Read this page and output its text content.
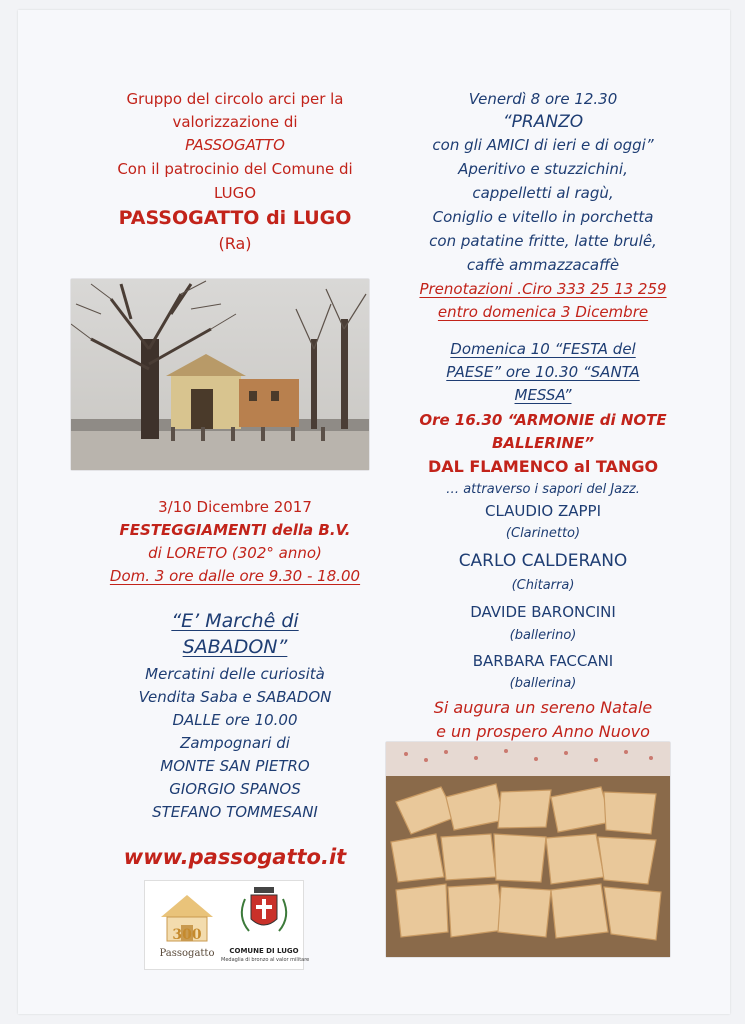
Gruppo del circolo arci per la
valorizzazione di
PASSOGATTO
Con il patrocinio del Comune di
LUGO
PASSOGATTO di LUGO
(Ra)
3/10 Dicembre 2017
FESTEGGIAMENTI della B.V.
di LORETO (302° anno)
Dom. 3 ore dalle ore 9.30 - 18.00
“E’ Marchê di
SABADON”
Mercatini delle curiosità
Vendita Saba e SABADON
DALLE ore 10.00
Zampognari di
MONTE SAN PIETRO
GIORGIO SPANOS
STEFANO TOMMESANI
www.passogatto.it
300
Passogatto	COMUNE DI LUGO
Medaglia di bronzo al valor militare
Venerdì 8 ore 12.30
“PRANZO
con gli AMICI di ieri e di oggi”
Aperitivo e stuzzichini,
cappelletti al ragù,
Coniglio e vitello in porchetta
con patatine fritte, latte brulê,
caffè ammazzacaffè
Prenotazioni .Ciro 333 25 13 259
entro domenica 3 Dicembre
Domenica 10 “FESTA del
PAESE” ore 10.30 “SANTA
MESSA”
Ore 16.30 “ARMONIE di NOTE
BALLERINE”
DAL FLAMENCO al TANGO
… attraverso i sapori del Jazz.
CLAUDIO ZAPPI
(Clarinetto)
CARLO CALDERANO
(Chitarra)
DAVIDE BARONCINI
(ballerino)
BARBARA FACCANI
(ballerina)
Si augura un sereno Natale
e un prospero Anno Nuovo
